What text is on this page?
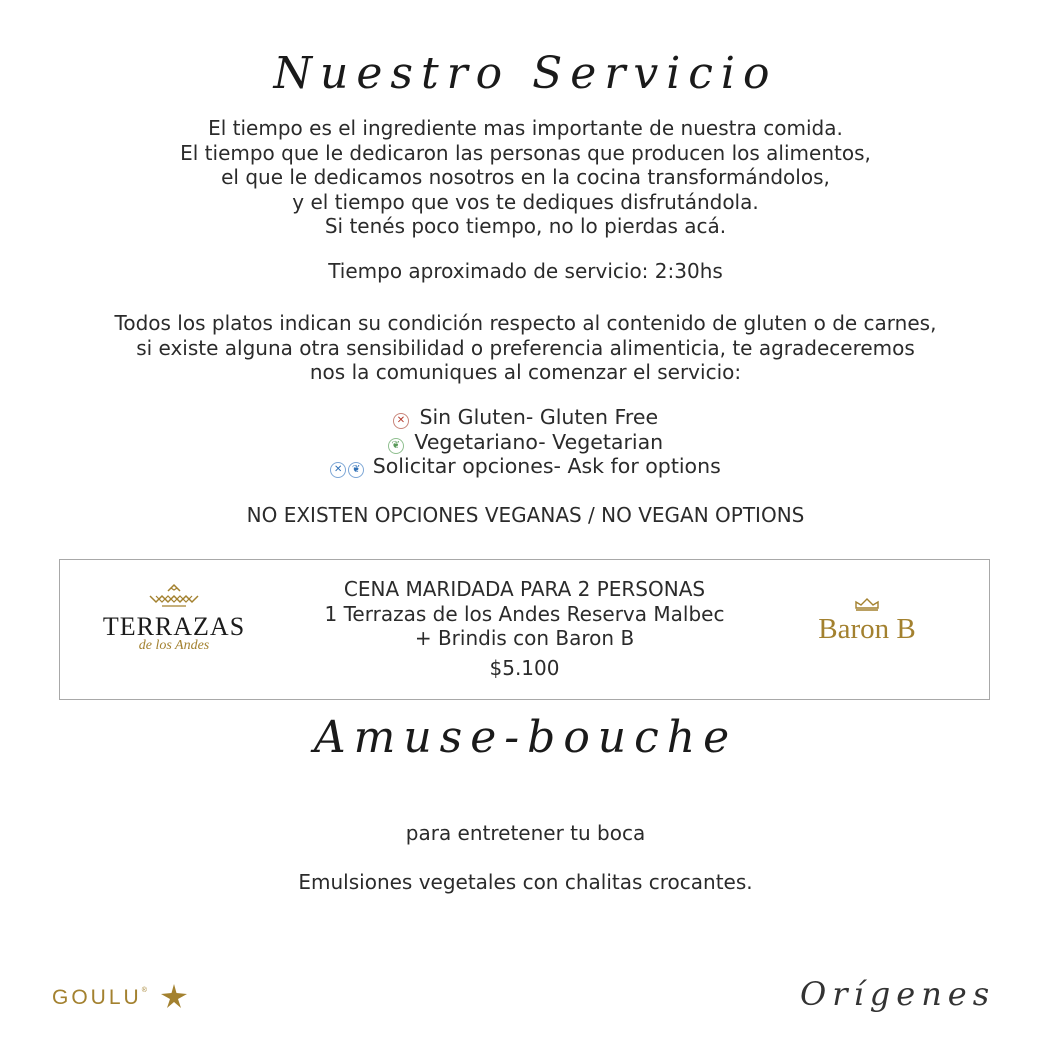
Nuestro Servicio
El tiempo es el ingrediente mas importante de nuestra comida.
El tiempo que le dedicaron las personas que producen los alimentos,
el que le dedicamos nosotros en la cocina transformándolos,
y el tiempo que vos te dediques disfrutándola.
Si tenés poco tiempo, no lo pierdas acá.
Tiempo aproximado de servicio: 2:30hs
Todos los platos indican su condición respecto al contenido de gluten o de carnes,
si existe alguna otra sensibilidad o preferencia alimenticia, te agradeceremos
nos la comuniques al comenzar el servicio:
✕ Sin Gluten- Gluten Free
❦ Vegetariano- Vegetarian
✕ ❦ Solicitar opciones- Ask for options
NO EXISTEN OPCIONES VEGANAS / NO VEGAN OPTIONS
TERRAZAS
de los Andes
CENA MARIDADA PARA 2 PERSONAS
1 Terrazas de los Andes Reserva Malbec
+ Brindis con Baron B
$5.100
Baron B
Amuse-bouche
para entretener tu boca
Emulsiones vegetales con chalitas crocantes.
GOULU®	Orígenes
